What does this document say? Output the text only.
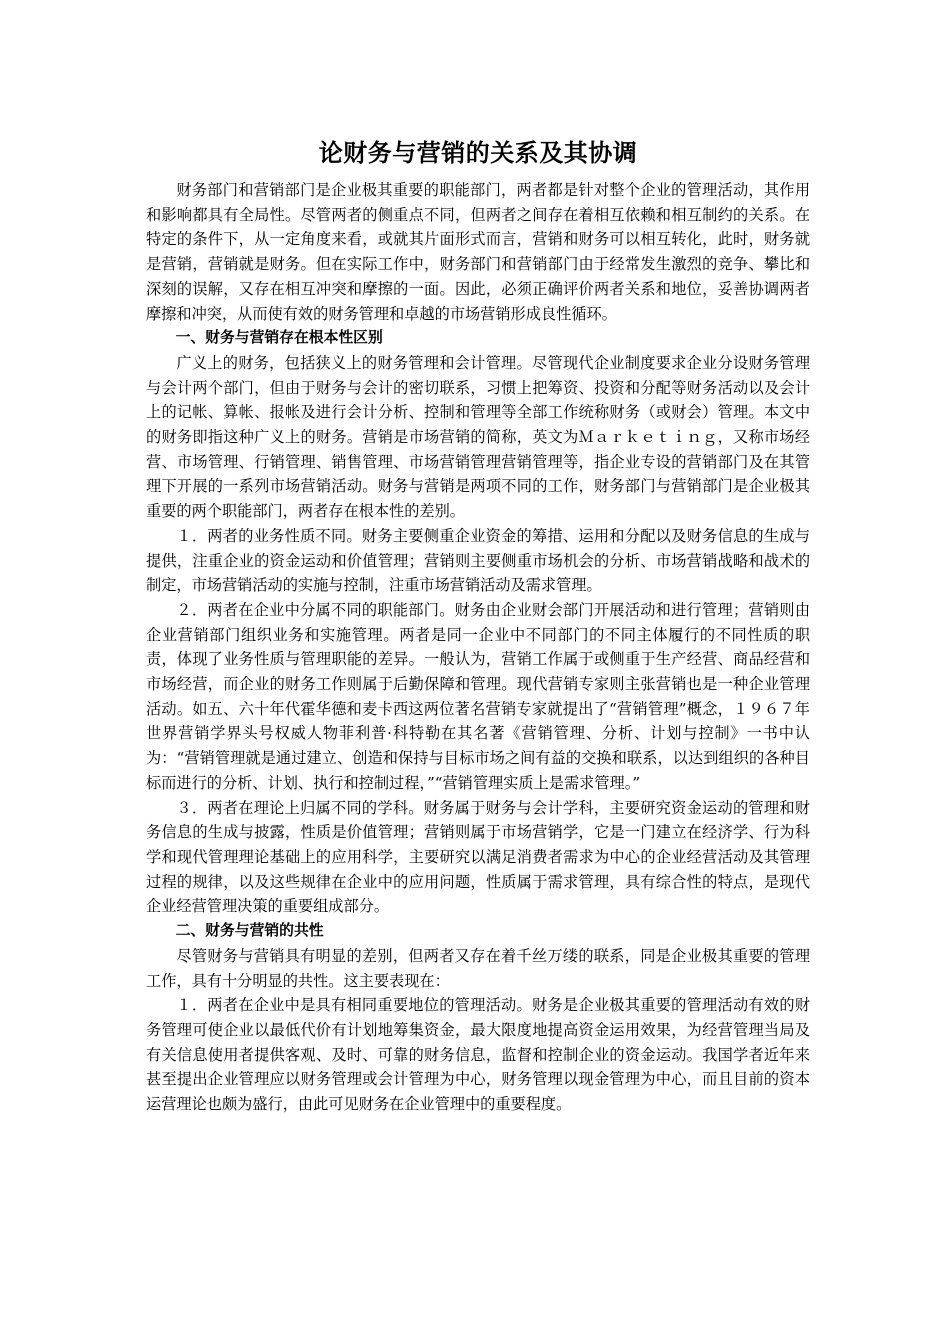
论财务与营销的关系及其协调

财务部门和营销部门是企业极其重要的职能部门，两者都是针对整个企业的管理活动，其作用和影响都具有全局性。尽管两者的侧重点不同，但两者之间存在着相互依赖和相互制约的关系。在特定的条件下，从一定角度来看，或就其片面形式而言，营销和财务可以相互转化，此时，财务就是营销，营销就是财务。但在实际工作中，财务部门和营销部门由于经常发生激烈的竞争、攀比和深刻的误解，又存在相互冲突和摩擦的一面。因此，必须正确评价两者关系和地位，妥善协调两者摩擦和冲突，从而使有效的财务管理和卓越的市场营销形成良性循环。

一、财务与营销存在根本性区别

广义上的财务，包括狭义上的财务管理和会计管理。尽管现代企业制度要求企业分设财务管理与会计两个部门，但由于财务与会计的密切联系，习惯上把筹资、投资和分配等财务活动以及会计上的记帐、算帐、报帐及进行会计分析、控制和管理等全部工作统称财务（或财会）管理。本文中的财务即指这种广义上的财务。营销是市场营销的简称，英文为Ｍａｒｋｅｔｉｎｇ，又称市场经营、市场管理、行销管理、销售管理、市场营销管理营销管理等，指企业专设的营销部门及在其管理下开展的一系列市场营销活动。财务与营销是两项不同的工作，财务部门与营销部门是企业极其重要的两个职能部门，两者存在根本性的差别。

１．两者的业务性质不同。财务主要侧重企业资金的筹措、运用和分配以及财务信息的生成与提供，注重企业的资金运动和价值管理；营销则主要侧重市场机会的分析、市场营销战略和战术的制定，市场营销活动的实施与控制，注重市场营销活动及需求管理。

２．两者在企业中分属不同的职能部门。财务由企业财会部门开展活动和进行管理；营销则由企业营销部门组织业务和实施管理。两者是同一企业中不同部门的不同主体履行的不同性质的职责，体现了业务性质与管理职能的差异。一般认为，营销工作属于或侧重于生产经营、商品经营和市场经营，而企业的财务工作则属于后勤保障和管理。现代营销专家则主张营销也是一种企业管理活动。如五、六十年代霍华德和麦卡西这两位著名营销专家就提出了“营销管理”概念，１９６７年世界营销学界头号权威人物菲利普·科特勒在其名著《营销管理、分析、计划与控制》一书中认为：“营销管理就是通过建立、创造和保持与目标市场之间有益的交换和联系，以达到组织的各种目标而进行的分析、计划、执行和控制过程，”“营销管理实质上是需求管理。”

３．两者在理论上归属不同的学科。财务属于财务与会计学科，主要研究资金运动的管理和财务信息的生成与披露，性质是价值管理；营销则属于市场营销学，它是一门建立在经济学、行为科学和现代管理理论基础上的应用科学，主要研究以满足消费者需求为中心的企业经营活动及其管理过程的规律，以及这些规律在企业中的应用问题，性质属于需求管理，具有综合性的特点，是现代企业经营管理决策的重要组成部分。

二、财务与营销的共性

尽管财务与营销具有明显的差别，但两者又存在着千丝万缕的联系，同是企业极其重要的管理工作，具有十分明显的共性。这主要表现在：

１．两者在企业中是具有相同重要地位的管理活动。财务是企业极其重要的管理活动有效的财务管理可使企业以最低代价有计划地筹集资金，最大限度地提高资金运用效果，为经营管理当局及有关信息使用者提供客观、及时、可靠的财务信息，监督和控制企业的资金运动。我国学者近年来甚至提出企业管理应以财务管理或会计管理为中心，财务管理以现金管理为中心，而且目前的资本运营理论也颇为盛行，由此可见财务在企业管理中的重要程度。
